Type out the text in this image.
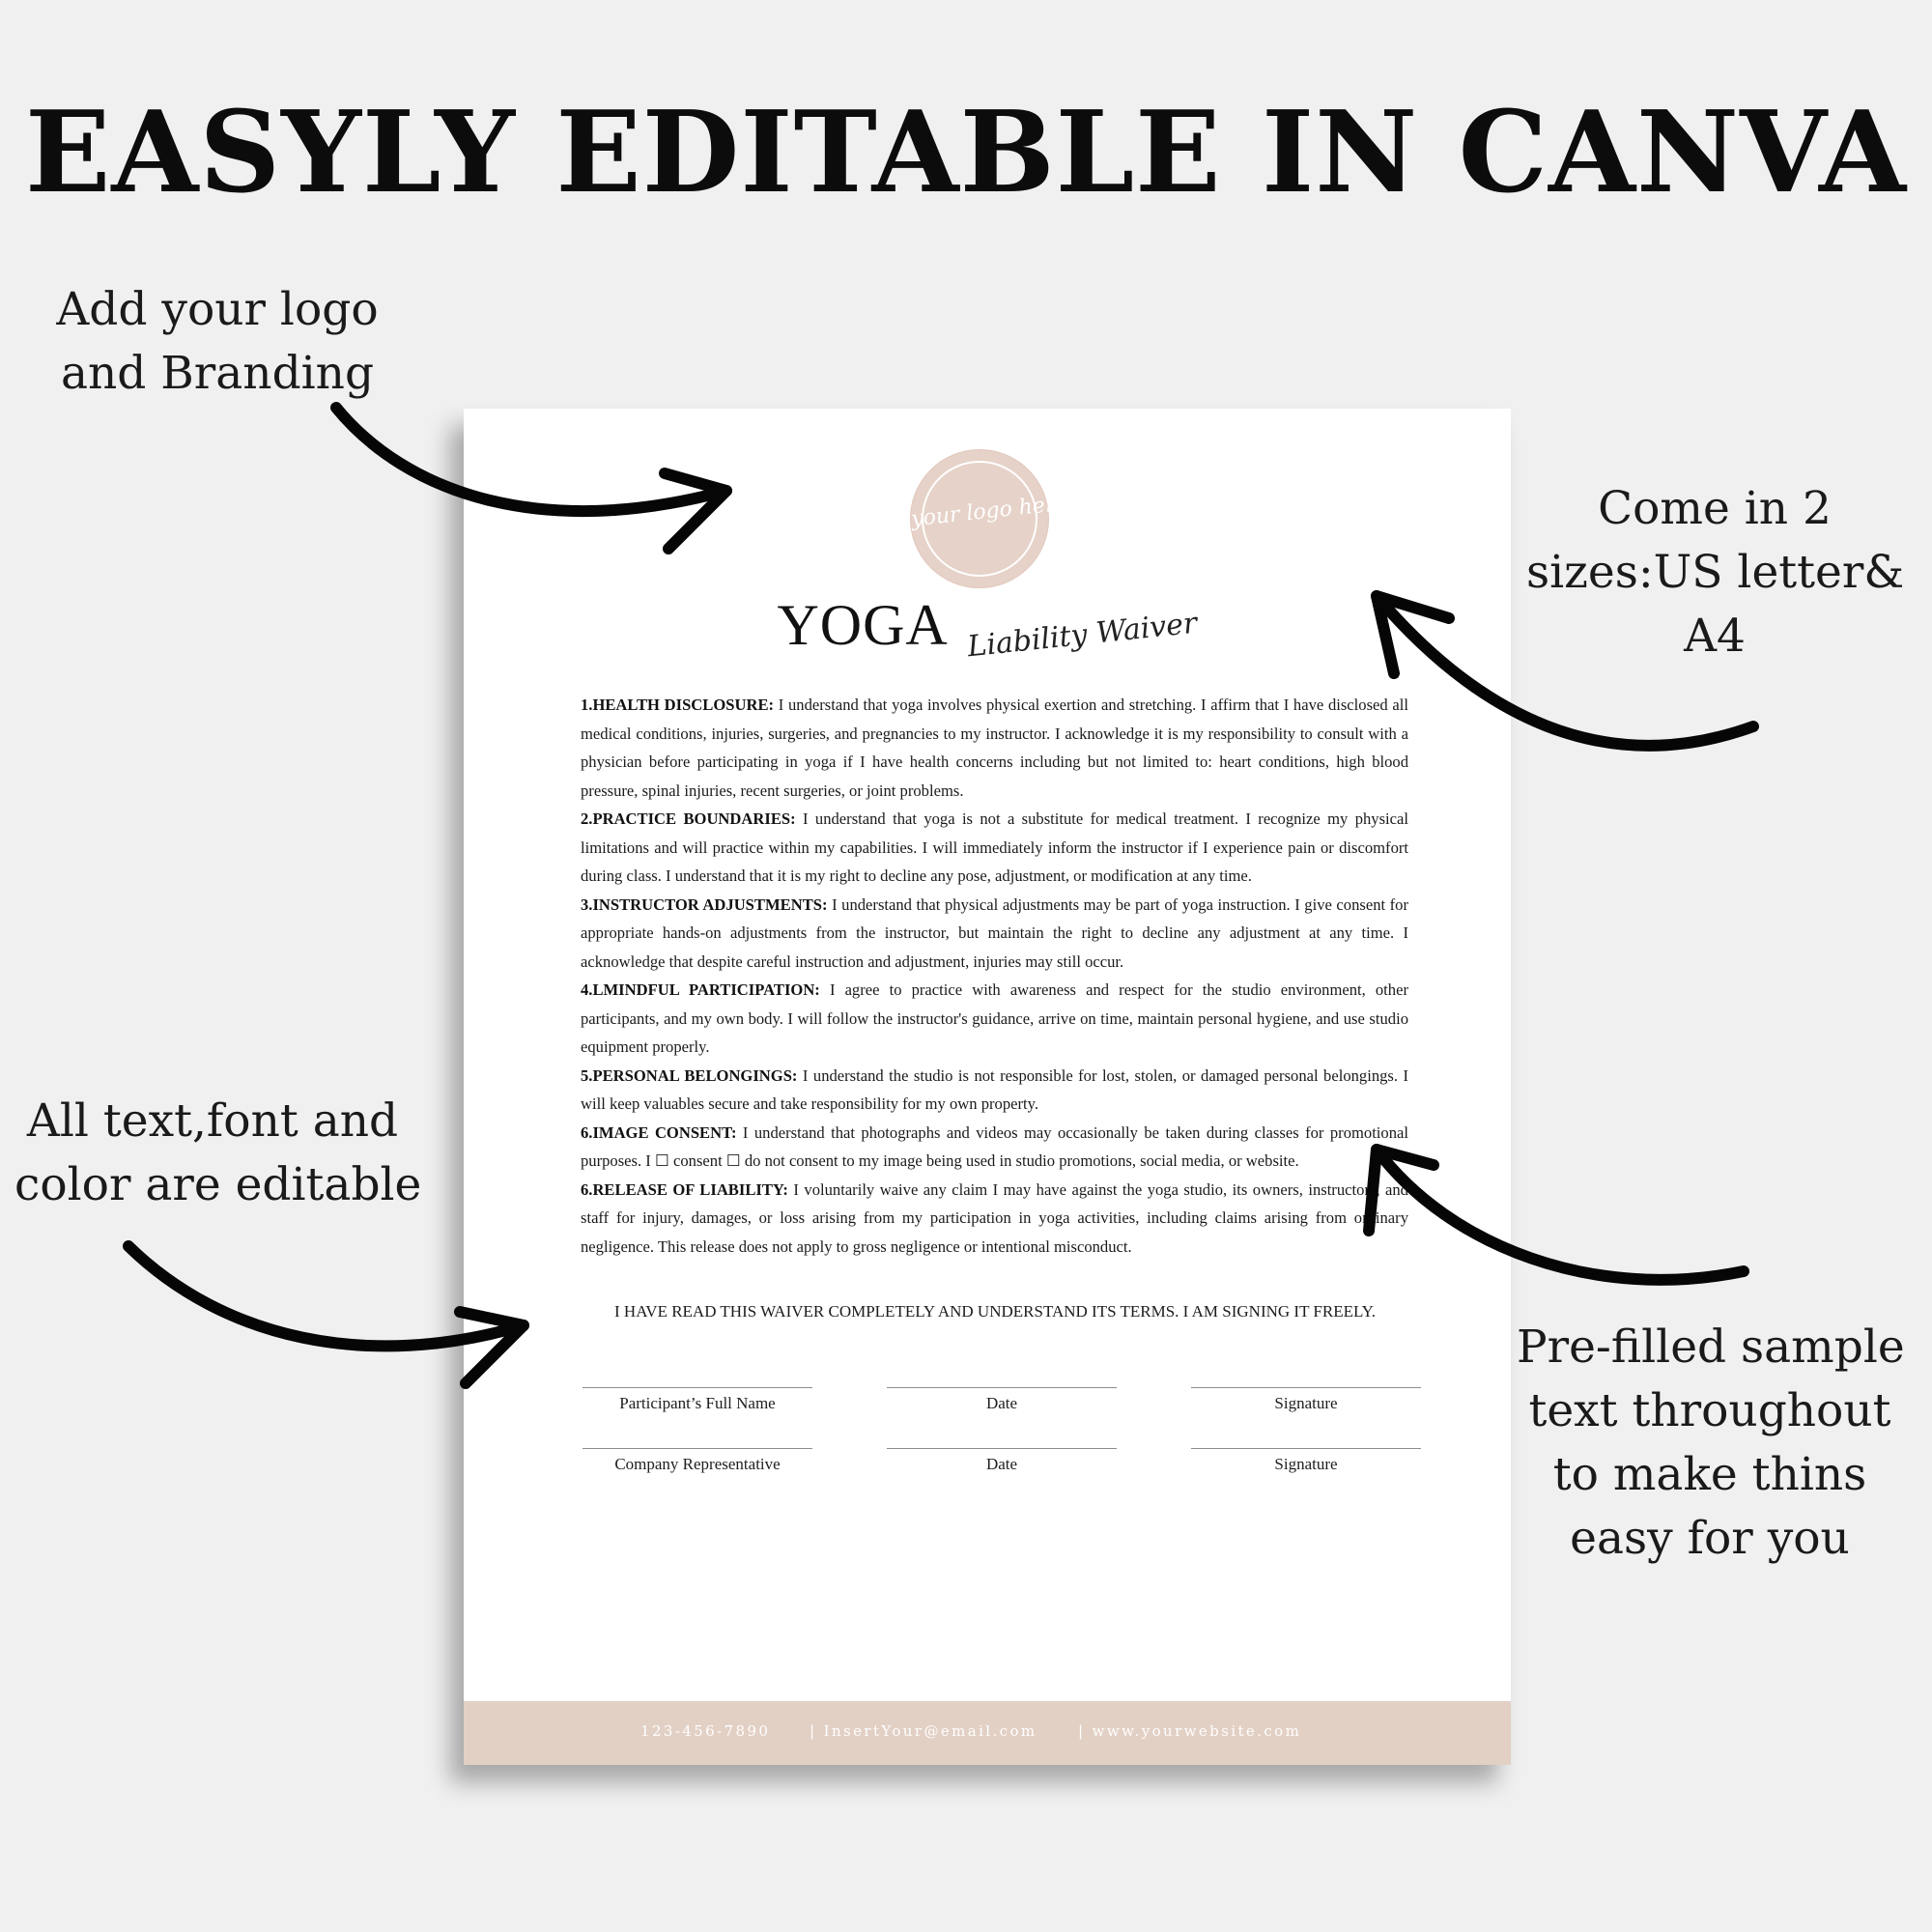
EASYLY EDITABLE IN CANVA
Add your logo
and Branding
Come in 2
sizes:US letter&
A4
All text,font and
color are editable
Pre-filled sample
text throughout
to make thins
easy for you
your logo here
YOGA Liability Waiver

1.HEALTH DISCLOSURE: I understand that yoga involves physical exertion and stretching. I affirm that I have disclosed all medical conditions, injuries, surgeries, and pregnancies to my instructor. I acknowledge it is my responsibility to consult with a physician before participating in yoga if I have health concerns including but not limited to: heart conditions, high blood pressure, spinal injuries, recent surgeries, or joint problems.

2.PRACTICE BOUNDARIES: I understand that yoga is not a substitute for medical treatment. I recognize my physical limitations and will practice within my capabilities. I will immediately inform the instructor if I experience pain or discomfort during class. I understand that it is my right to decline any pose, adjustment, or modification at any time.

3.INSTRUCTOR ADJUSTMENTS: I understand that physical adjustments may be part of yoga instruction. I give consent for appropriate hands-on adjustments from the instructor, but maintain the right to decline any adjustment at any time. I acknowledge that despite careful instruction and adjustment, injuries may still occur.

4.LMINDFUL PARTICIPATION: I agree to practice with awareness and respect for the studio environment, other participants, and my own body. I will follow the instructor's guidance, arrive on time, maintain personal hygiene, and use studio equipment properly.

5.PERSONAL BELONGINGS: I understand the studio is not responsible for lost, stolen, or damaged personal belongings. I will keep valuables secure and take responsibility for my own property.

6.IMAGE CONSENT: I understand that photographs and videos may occasionally be taken during classes for promotional purposes. I ☐ consent ☐ do not consent to my image being used in studio promotions, social media, or website.

6.RELEASE OF LIABILITY: I voluntarily waive any claim I may have against the yoga studio, its owners, instructors, and staff for injury, damages, or loss arising from my participation in yoga activities, including claims arising from ordinary negligence. This release does not apply to gross negligence or intentional misconduct.

I HAVE READ THIS WAIVER COMPLETELY AND UNDERSTAND ITS TERMS. I AM SIGNING IT FREELY.
Participant’s Full Name	Date	Signature
Company Representative	Date	Signature
123-456-7890	| InsertYour@email.com	| www.yourwebsite.com
